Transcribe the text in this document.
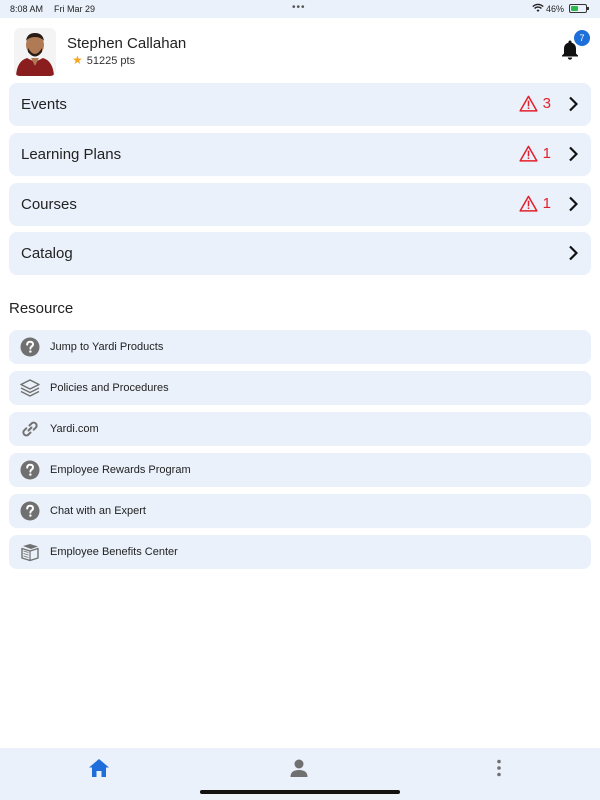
8:08 AM Fri Mar 29	•••	46%
Stephen Callahan
★ 51225 pts
7
Events	3
Learning Plans	1
Courses	1
Catalog
Resource
Jump to Yardi Products
Policies and Procedures
Yardi.com
Employee Rewards Program
Chat with an Expert
Employee Benefits Center
